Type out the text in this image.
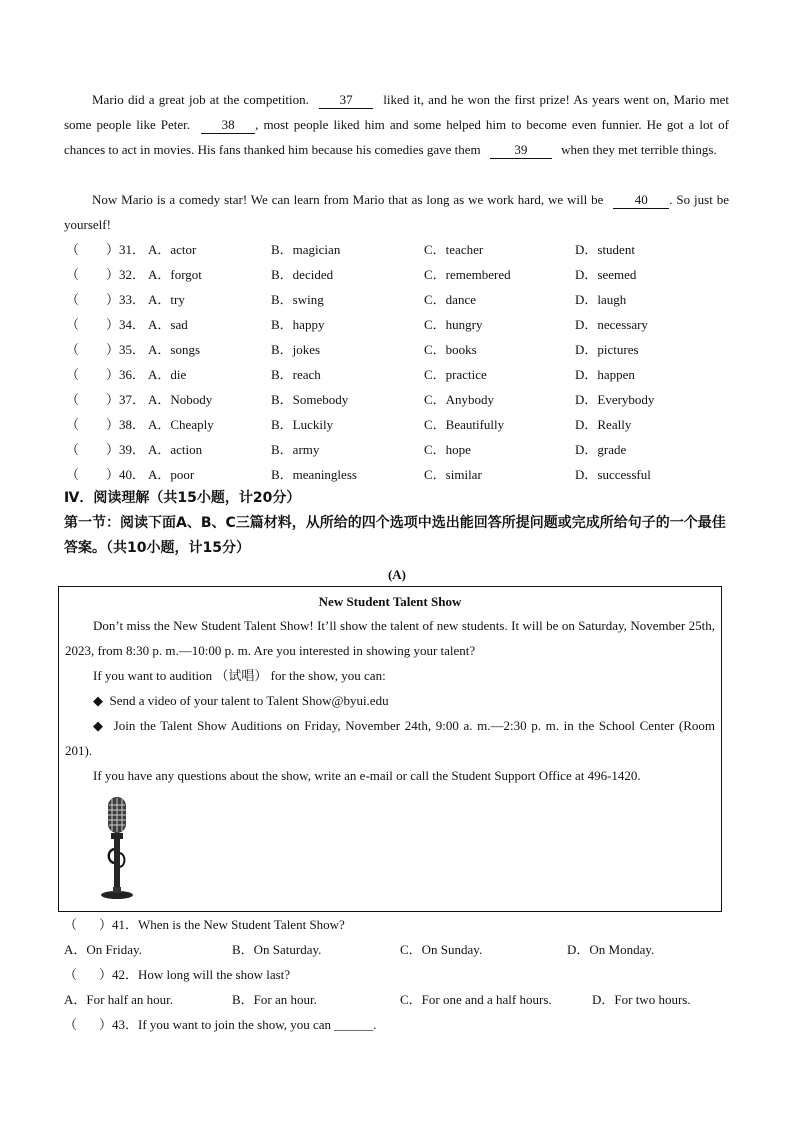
Mario did a great job at the competition. 37 liked it, and he won the first prize! As years went on, Mario met some people like Peter. 38 , most people liked him and some helped him to become even funnier. He got a lot of chances to act in movies. His fans thanked him because his comedies gave them	39	when they met terrible things.
Now Mario is a comedy star! We can learn from Mario that as long as we work hard, we will be 40 . So just be yourself!
（ ）31． A．actor	B．magician	C．teacher	D．student
（ ）32． A．forgot	B．decided	C．remembered	D．seemed
（ ）33． A．try	B．swing	C．dance	D．laugh
（ ）34． A．sad	B．happy	C．hungry	D．necessary
（ ）35． A．songs	B．jokes	C．books	D．pictures
（ ）36． A．die	B．reach	C．practice	D．happen
（ ）37． A．Nobody	B．Somebody	C．Anybody	D．Everybody
（ ）38． A．Cheaply	B．Luckily	C．Beautifully	D．Really
（ ）39． A．action	B．army	C．hope	D．grade
（ ）40． A．poor	B．meaningless	C．similar	D．successful
Ⅳ．阅读理解（共15小题，计20分）
第一节：阅读下面A、B、C三篇材料，从所给的四个选项中选出能回答所提问题或完成所给句子的一个最佳答案。（共10小题，计15分）
(A)
New Student Talent Show
Don’t miss the New Student Talent Show! It’ll show the talent of new students. It will be on Saturday, November 25th, 2023, from 8:30 p. m.—10:00 p. m. Are you interested in showing your talent?
If you want to audition （试唱） for the show, you can:
◆ Send a video of your talent to Talent Show@byui.edu
◆ Join the Talent Show Auditions on Friday, November 24th, 9:00 a. m.—2:30 p. m. in the School Center (Room 201).
If you have any questions about the show, write an e-mail or call the Student Support Office at 496-1420.
（ ）41．When is the New Student Talent Show?
A．On Friday.	B．On Saturday.	C．On Sunday.	D．On Monday.
（ ）42．How long will the show last?
A．For half an hour.	B．For an hour.	C．For one and a half hours.	D．For two hours.
（ ）43．If you want to join the show, you can ______.
